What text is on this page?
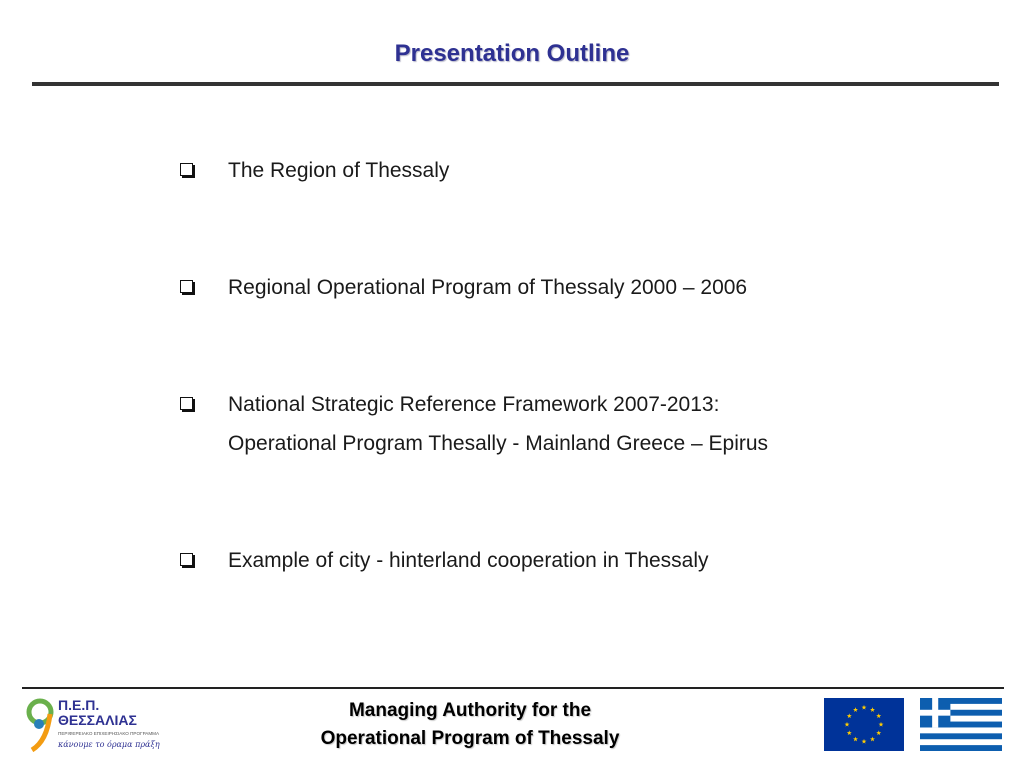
Presentation Outline
The Region of Thessaly
Regional Operational Program of Thessaly 2000 – 2006
National Strategic Reference Framework 2007-2013:
Operational Program Thesally - Mainland Greece – Epirus
Example of city - hinterland cooperation in Thessaly
Π.Ε.Π.
ΘΕΣΣΑΛΙΑΣ
ΠΕΡΙΦΕΡΕΙΑΚΟ ΕΠΙΧΕΙΡΗΣΙΑΚΟ ΠΡΟΓΡΑΜΜΑ
κάνουμε το όραμα πράξη
Managing Authority for the
Operational Program of Thessaly
